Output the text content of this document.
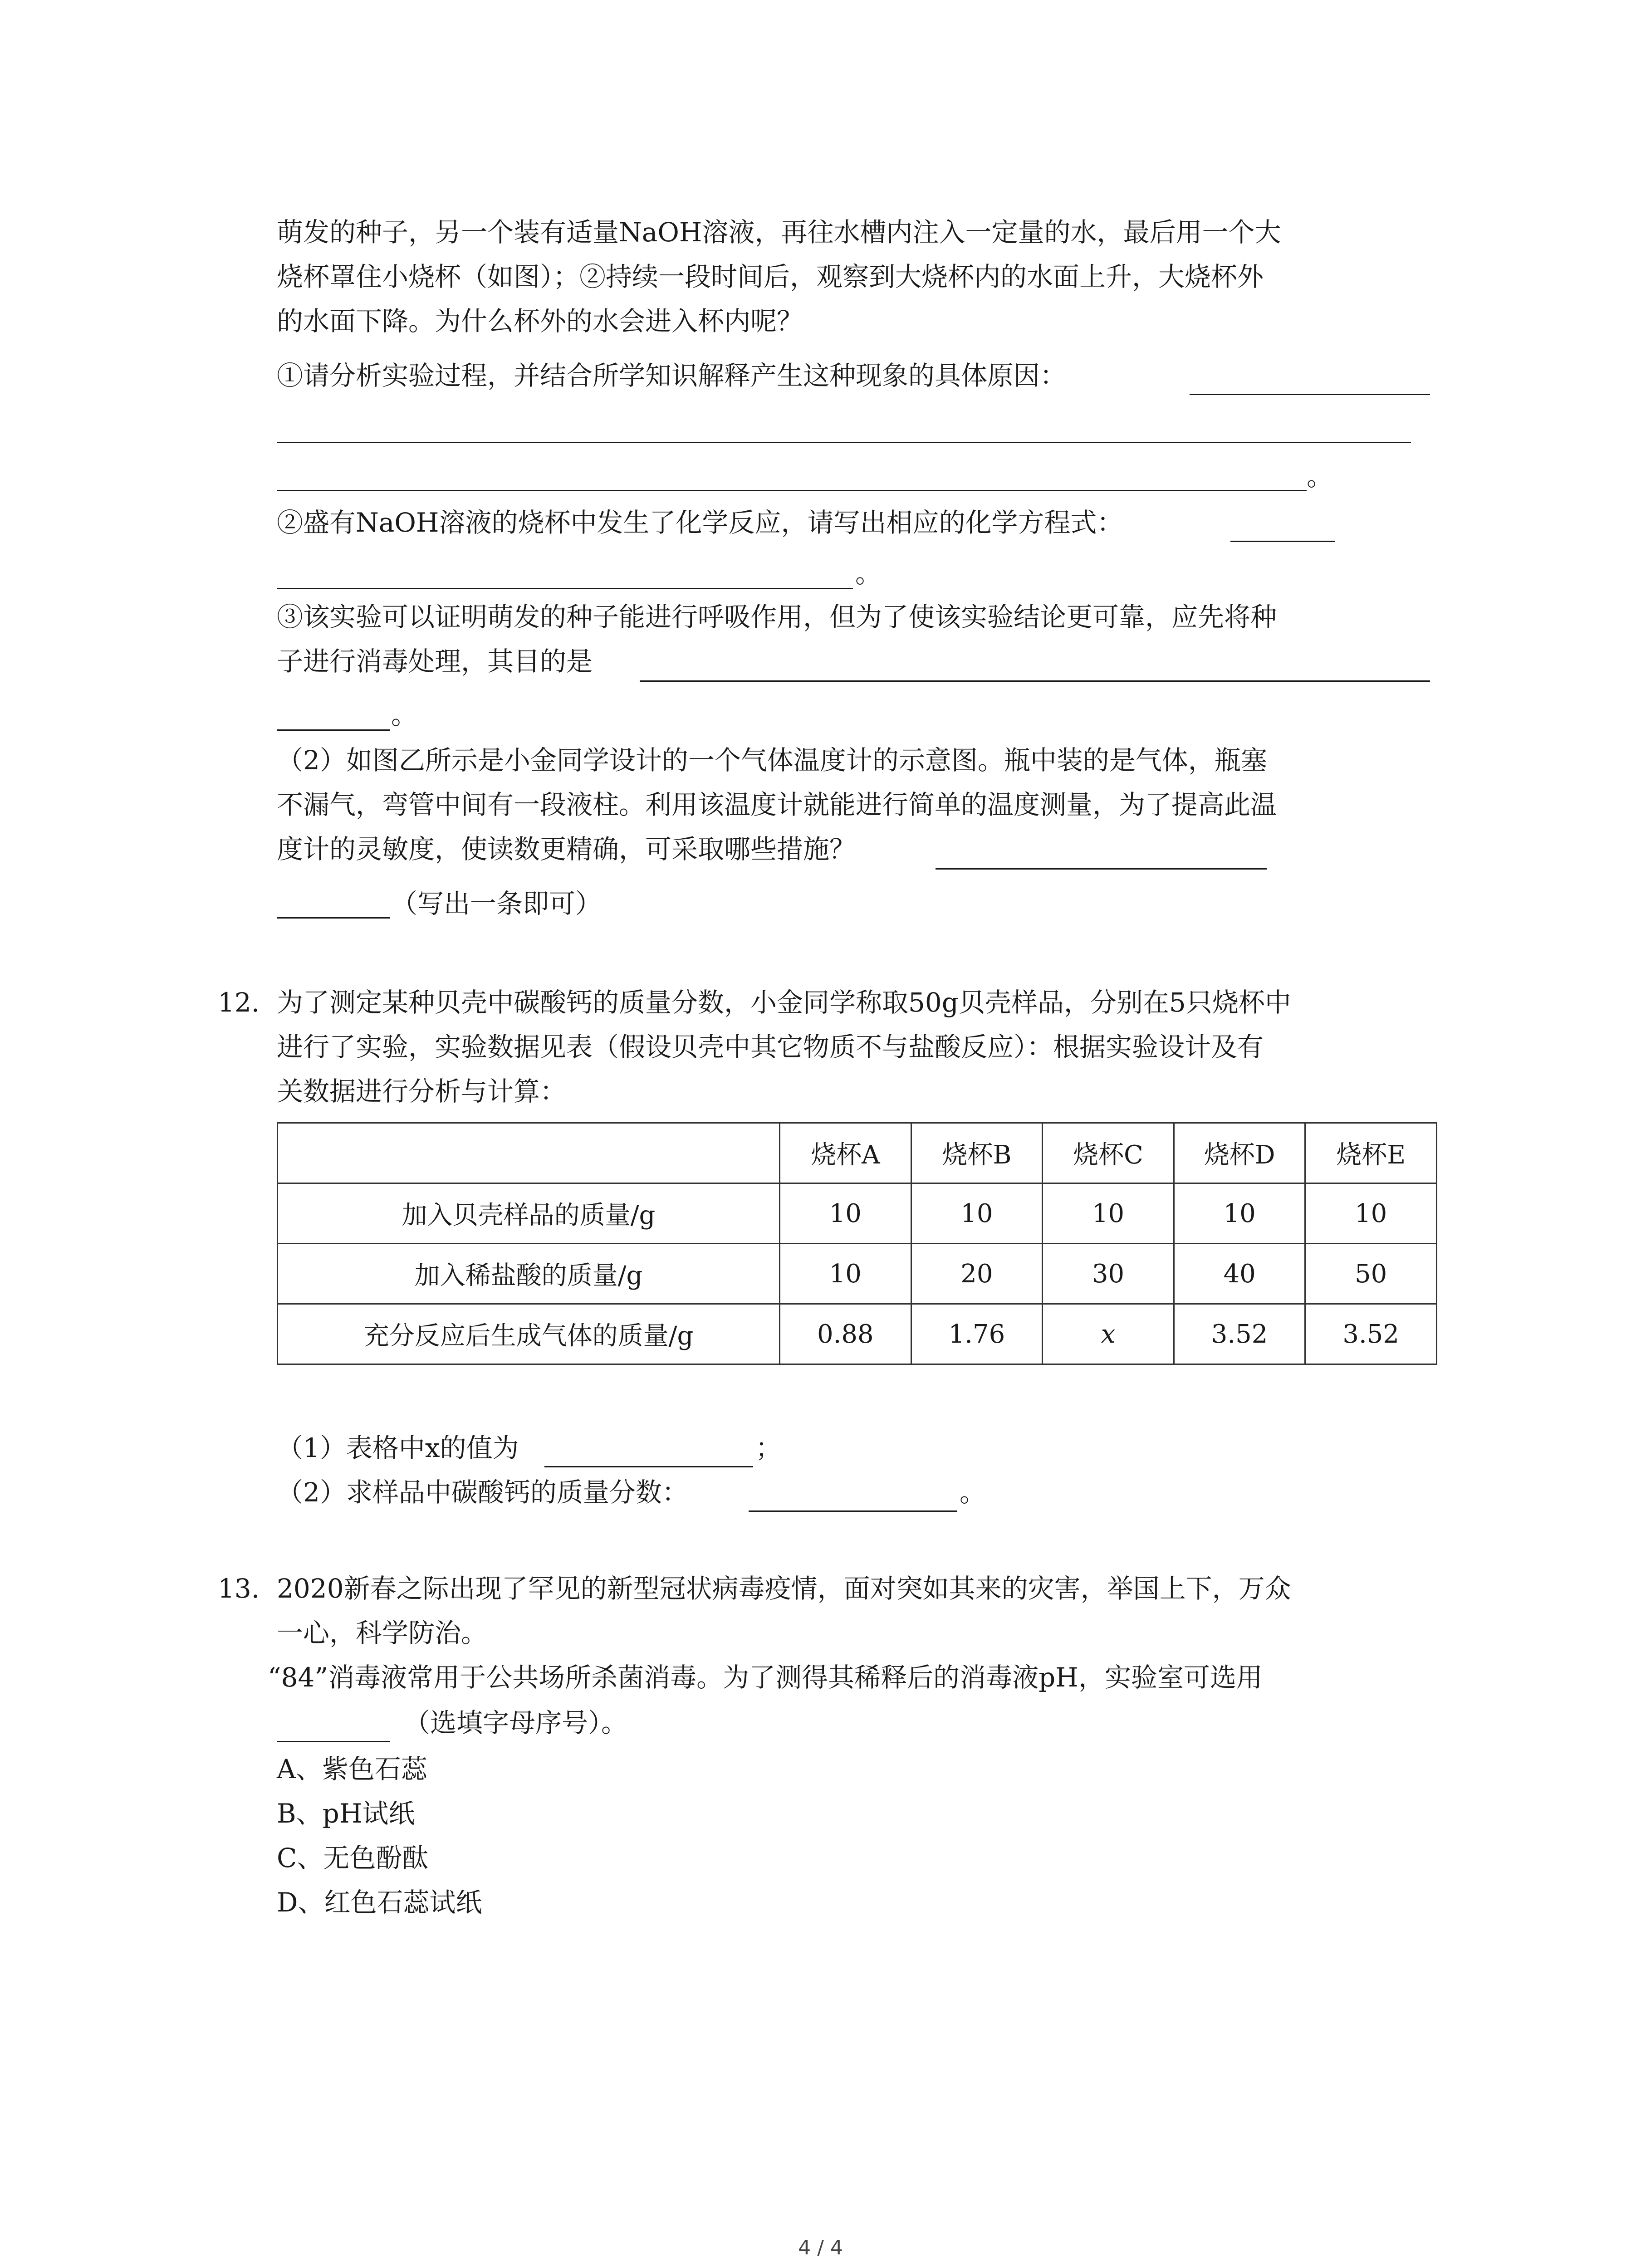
萌发的种子，另一个装有适量NaOH溶液，再往水槽内注入一定量的水，最后用一个大
烧杯罩住小烧杯（如图）；②持续一段时间后，观察到大烧杯内的水面上升，大烧杯外
的水面下降。为什么杯外的水会进入杯内呢？
①请分析实验过程，并结合所学知识解释产生这种现象的具体原因：
。
②盛有NaOH溶液的烧杯中发生了化学反应，请写出相应的化学方程式：
。
③该实验可以证明萌发的种子能进行呼吸作用，但为了使该实验结论更可靠，应先将种
子进行消毒处理，其目的是
。
（2）如图乙所示是小金同学设计的一个气体温度计的示意图。瓶中装的是气体，瓶塞
不漏气，弯管中间有一段液柱。利用该温度计就能进行简单的温度测量，为了提高此温
度计的灵敏度，使读数更精确，可采取哪些措施？
（写出一条即可）
12. 为了测定某种贝壳中碳酸钙的质量分数，小金同学称取50g贝壳样品，分别在5只烧杯中
进行了实验，实验数据见表（假设贝壳中其它物质不与盐酸反应）：根据实验设计及有
关数据进行分析与计算：
	烧杯A	烧杯B	烧杯C	烧杯D	烧杯E
加入贝壳样品的质量/g	10	10	10	10	10
加入稀盐酸的质量/g	10	20	30	40	50
充分反应后生成气体的质量/g	0.88	1.76	x	3.52	3.52
（1）表格中x的值为	；
（2）求样品中碳酸钙的质量分数：	。
13. 2020新春之际出现了罕见的新型冠状病毒疫情，面对突如其来的灾害，举国上下，万众
一心，科学防治。
“84”消毒液常用于公共场所杀菌消毒。为了测得其稀释后的消毒液pH，实验室可选用
（选填字母序号）。
A、紫色石蕊
B、pH试纸
C、无色酚酞
D、红色石蕊试纸
4 / 4
